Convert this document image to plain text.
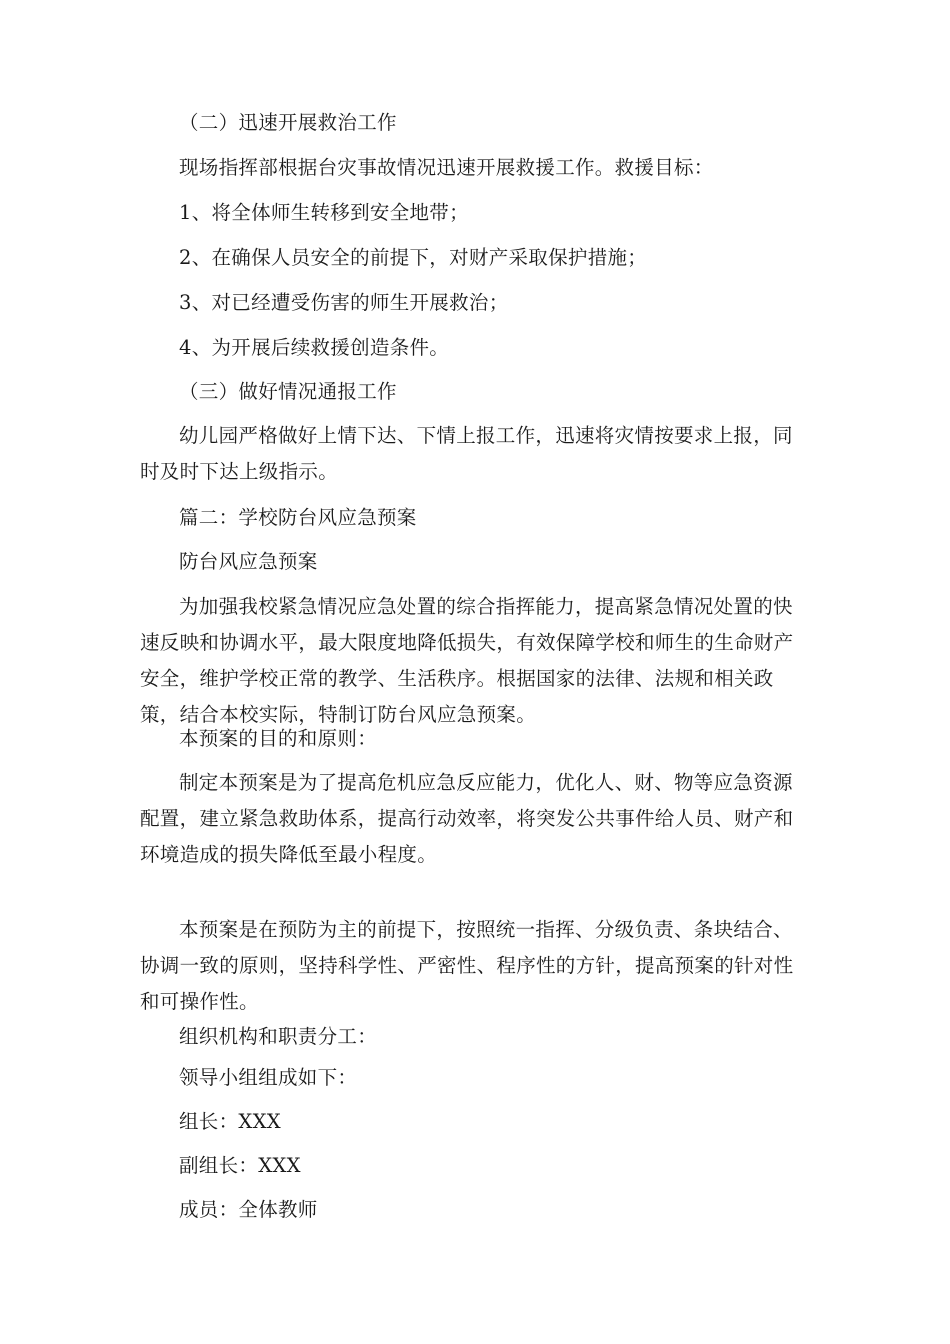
（二）迅速开展救治工作

现场指挥部根据台灾事故情况迅速开展救援工作。救援目标：

1、将全体师生转移到安全地带；

2、在确保人员安全的前提下，对财产采取保护措施；

3、对已经遭受伤害的师生开展救治；

4、为开展后续救援创造条件。

（三）做好情况通报工作

幼儿园严格做好上情下达、下情上报工作，迅速将灾情按要求上报，同时及时下达上级指示。

篇二：学校防台风应急预案

防台风应急预案

为加强我校紧急情况应急处置的综合指挥能力，提高紧急情况处置的快速反映和协调水平，最大限度地降低损失，有效保障学校和师生的生命财产安全，维护学校正常的教学、生活秩序。根据国家的法律、法规和相关政策，结合本校实际，特制订防台风应急预案。

本预案的目的和原则：

制定本预案是为了提高危机应急反应能力，优化人、财、物等应急资源配置，建立紧急救助体系，提高行动效率，将突发公共事件给人员、财产和环境造成的损失降低至最小程度。

本预案是在预防为主的前提下，按照统一指挥、分级负责、条块结合、协调一致的原则，坚持科学性、严密性、程序性的方针，提高预案的针对性和可操作性。

组织机构和职责分工：

领导小组组成如下：

组长：XXX

副组长：XXX

成员：全体教师
